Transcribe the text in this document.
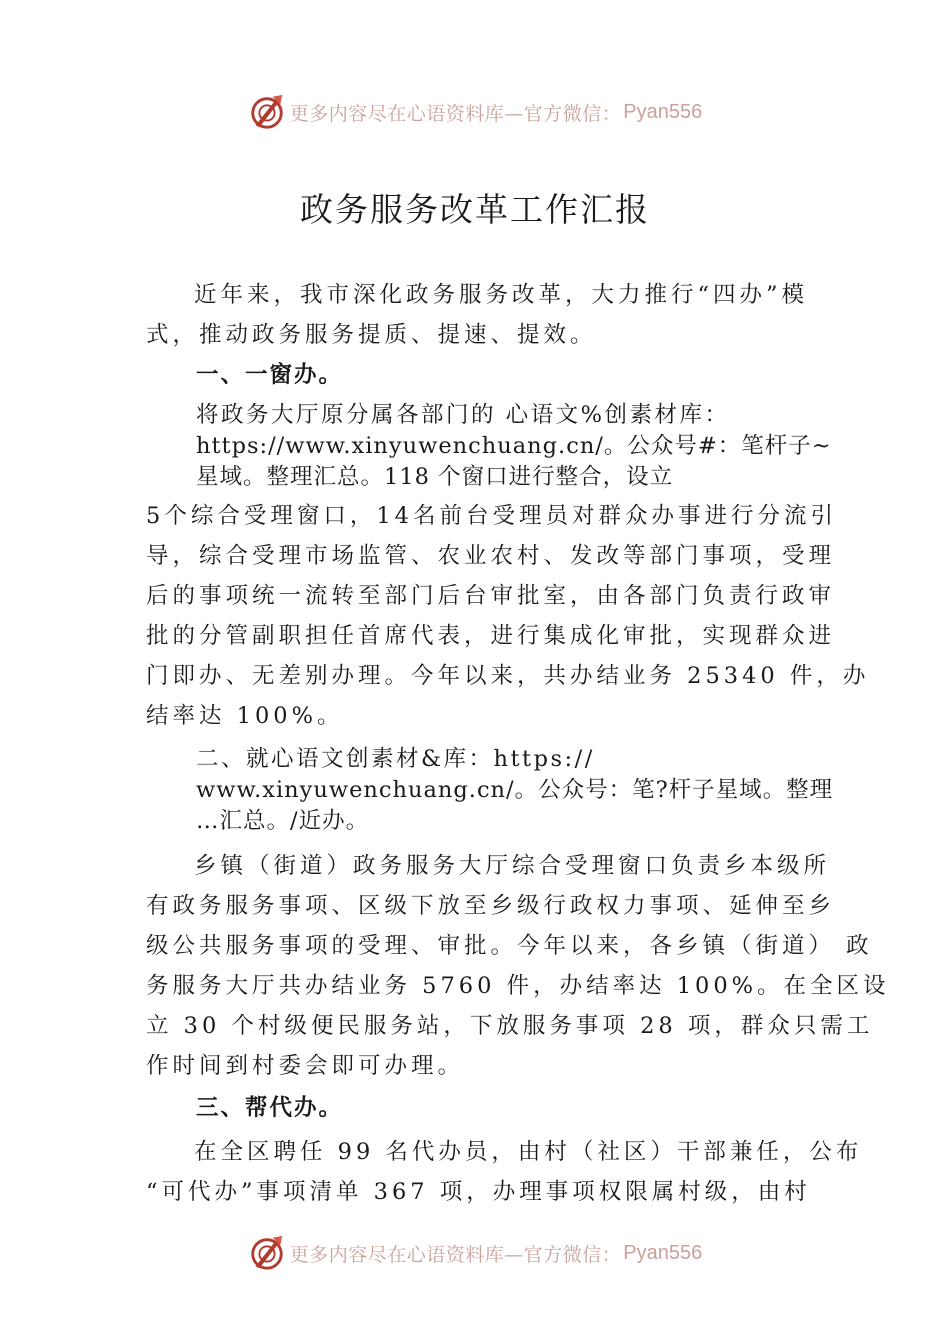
更多内容尽在心语资料库—官方微信： Pyan556
政务服务改革工作汇报

近年来，我市深化政务服务改革，大力推行“四办”模
式，推动政务服务提质、提速、提效。

一、一窗办。

将政务大厅原分属各部门的 心语文%创素材库：
https://www.xinyuwenchuang.cn/。公众号#：笔杆子~
星域。整理汇总。118 个窗口进行整合，设立

5个综合受理窗口，14名前台受理员对群众办事进行分流引
导，综合受理市场监管、农业农村、发改等部门事项，受理
后的事项统一流转至部门后台审批室，由各部门负责行政审
批的分管副职担任首席代表，进行集成化审批，实现群众进
门即办、无差别办理。今年以来，共办结业务 25340 件，办
结率达 100%。

二、就心语文创素材&库：https://
www.xinyuwenchuang.cn/。公众号：笔?杆子星域。整理
…汇总。/近办。

乡镇（街道）政务服务大厅综合受理窗口负责乡本级所
有政务服务事项、区级下放至乡级行政权力事项、延伸至乡
级公共服务事项的受理、审批。今年以来，各乡镇（街道） 政
务服务大厅共办结业务 5760 件，办结率达 100%。在全区设
立 30 个村级便民服务站，下放服务事项 28 项，群众只需工
作时间到村委会即可办理。

三、帮代办。

在全区聘任 99 名代办员，由村（社区）干部兼任，公布
“可代办”事项清单 367 项，办理事项权限属村级，由村

更多内容尽在心语资料库—官方微信： Pyan556
